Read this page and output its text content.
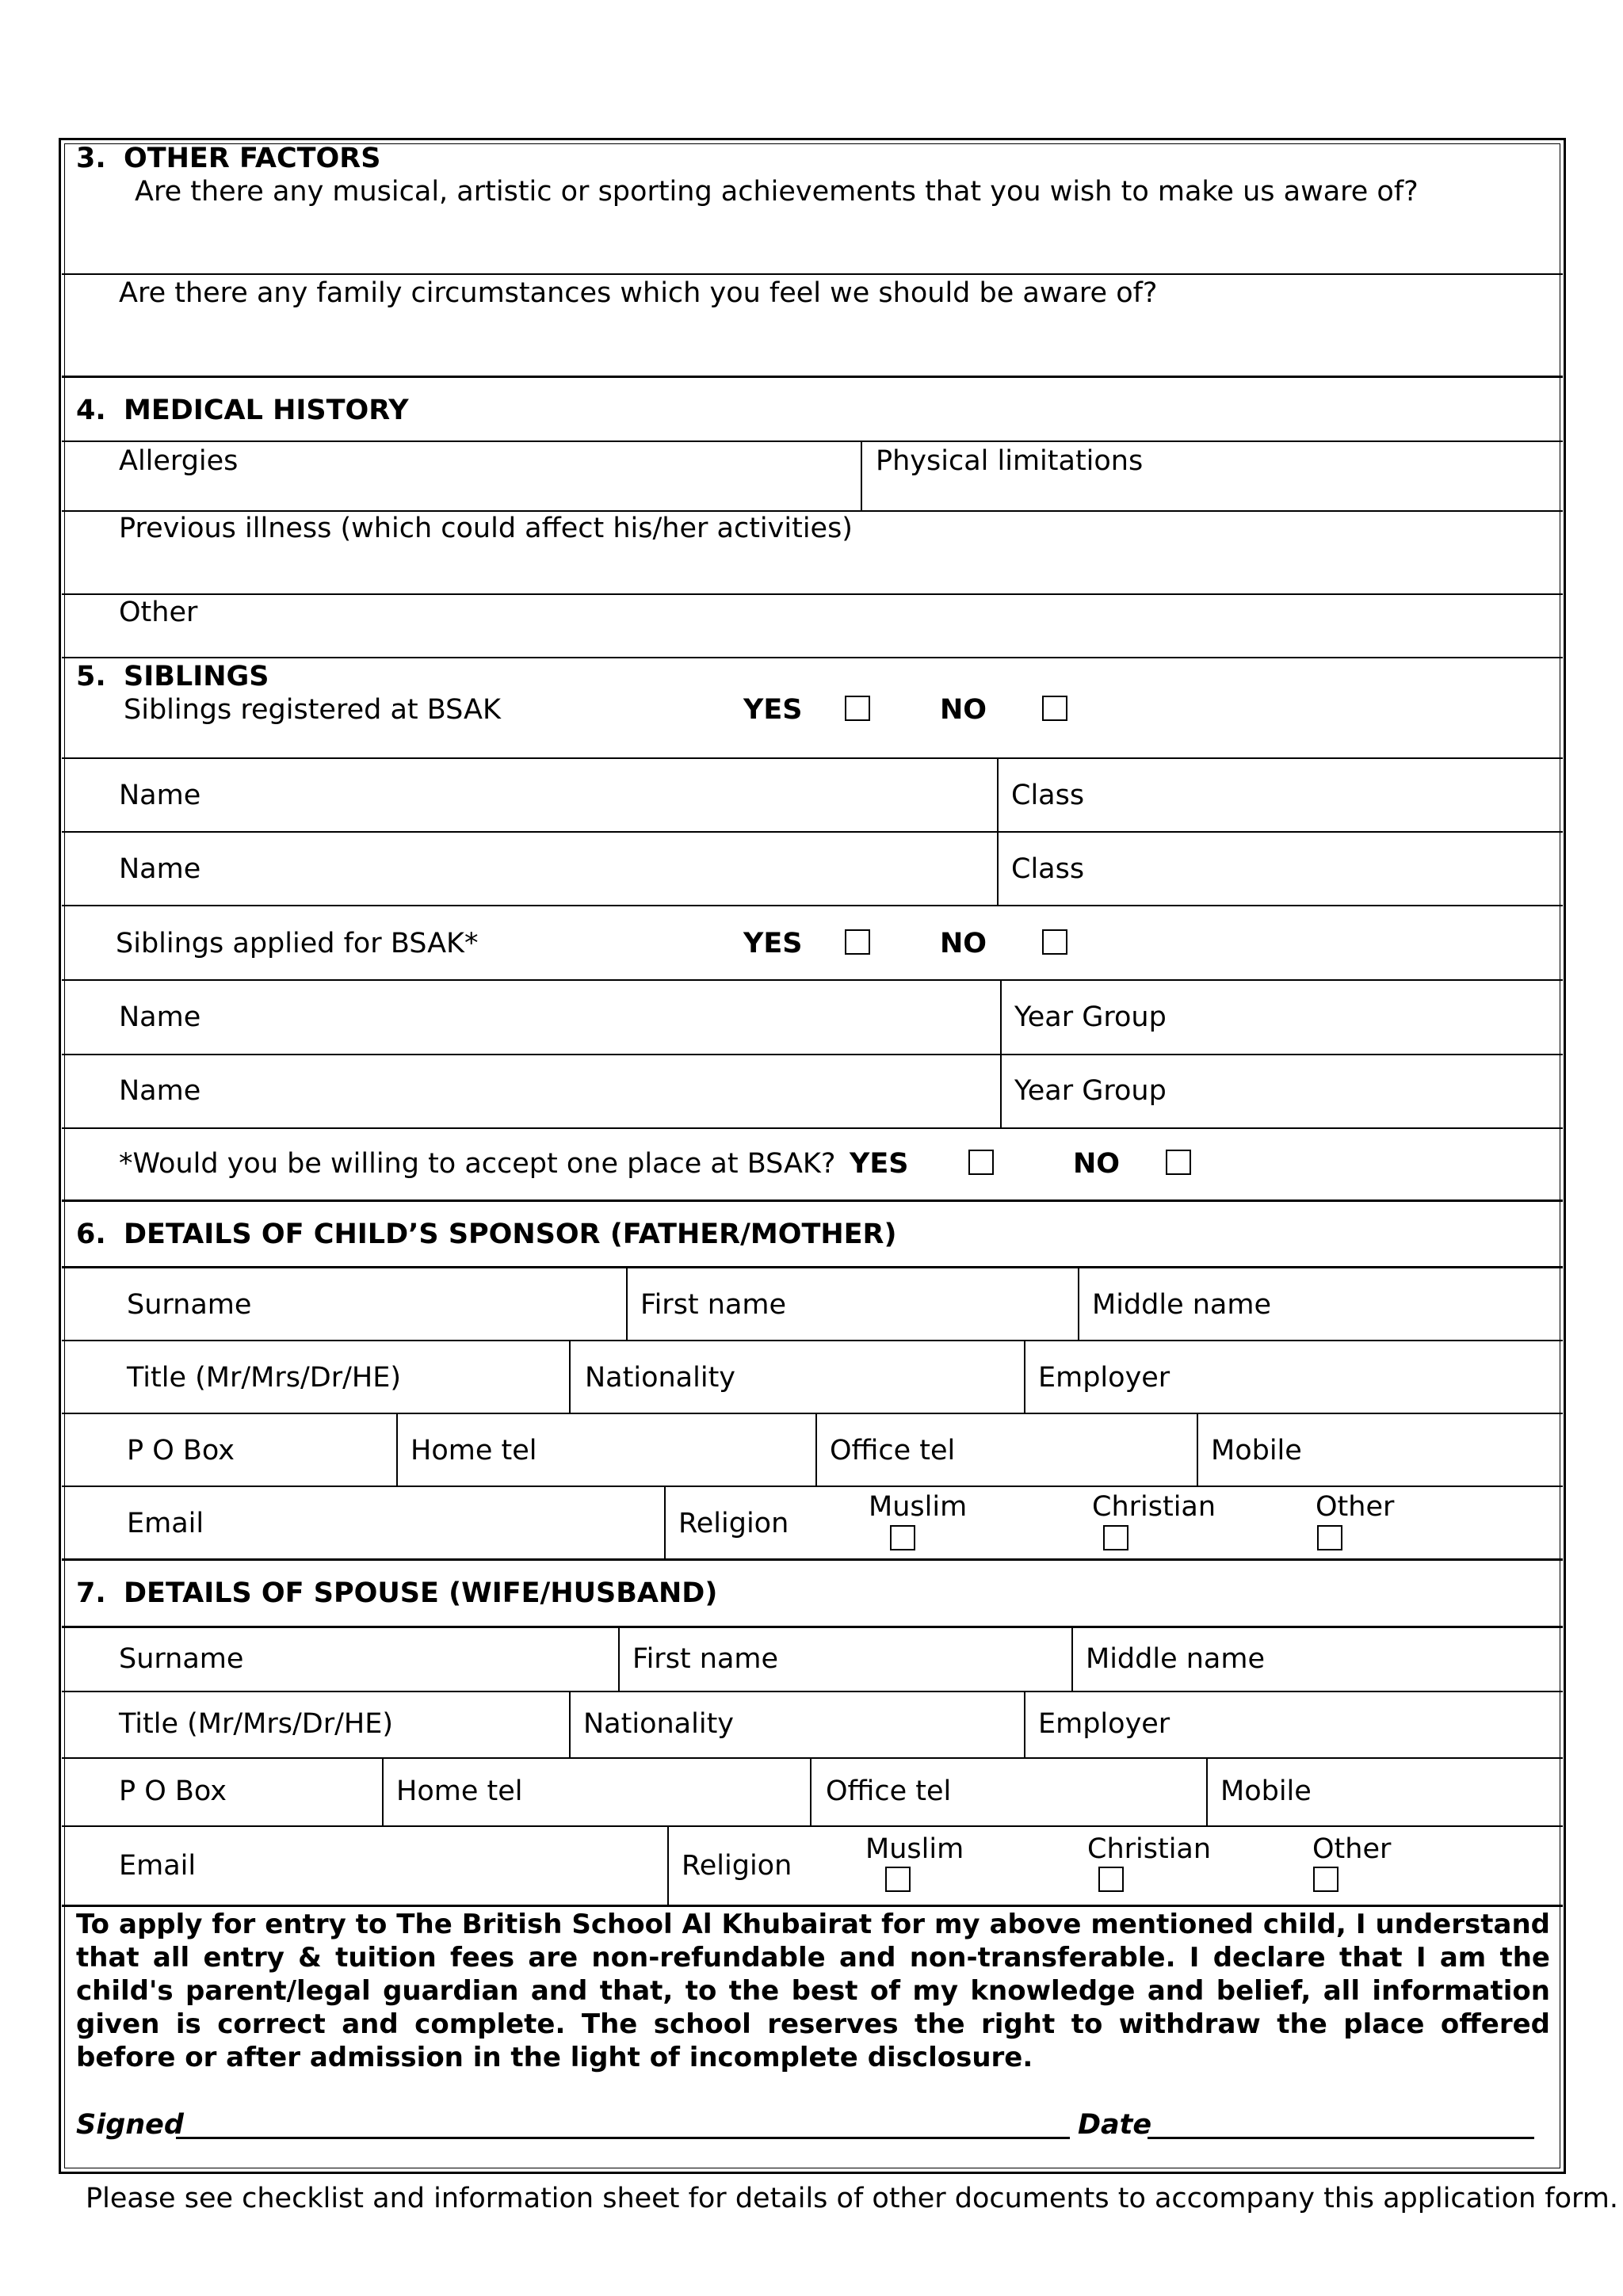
3. OTHER FACTORS
Are there any musical, artistic or sporting achievements that you wish to make us aware of?
Are there any family circumstances which you feel we should be aware of?
4. MEDICAL HISTORY
Allergies	Physical limitations
Previous illness (which could affect his/her activities)
Other
5. SIBLINGS
Siblings registered at BSAK	YES	NO
Name	Class
Name	Class
Siblings applied for BSAK*	YES	NO
Name	Year Group
Name	Year Group
*Would you be willing to accept one place at BSAK? YES	NO
6. DETAILS OF CHILD’S SPONSOR (FATHER/MOTHER)
Surname	First name	Middle name
Title (Mr/Mrs/Dr/HE)	Nationality	Employer
P O Box	Home tel	Office tel	Mobile
Email	Religion
Muslim	Christian	Other
7. DETAILS OF SPOUSE (WIFE/HUSBAND)
Surname	First name	Middle name
Title (Mr/Mrs/Dr/HE)	Nationality	Employer
P O Box	Home tel	Office tel	Mobile
Email	Religion
Muslim	Christian	Other
To apply for entry to The British School Al Khubairat for my above mentioned child, I understand that all entry & tuition fees are non-refundable and non-transferable. I declare that I am the child's parent/legal guardian and that, to the best of my knowledge and belief, all information given is correct and complete. The school reserves the right to withdraw the place offered before or after admission in the light of incomplete disclosure.
Signed	Date
Please see checklist and information sheet for details of other documents to accompany this application form.
